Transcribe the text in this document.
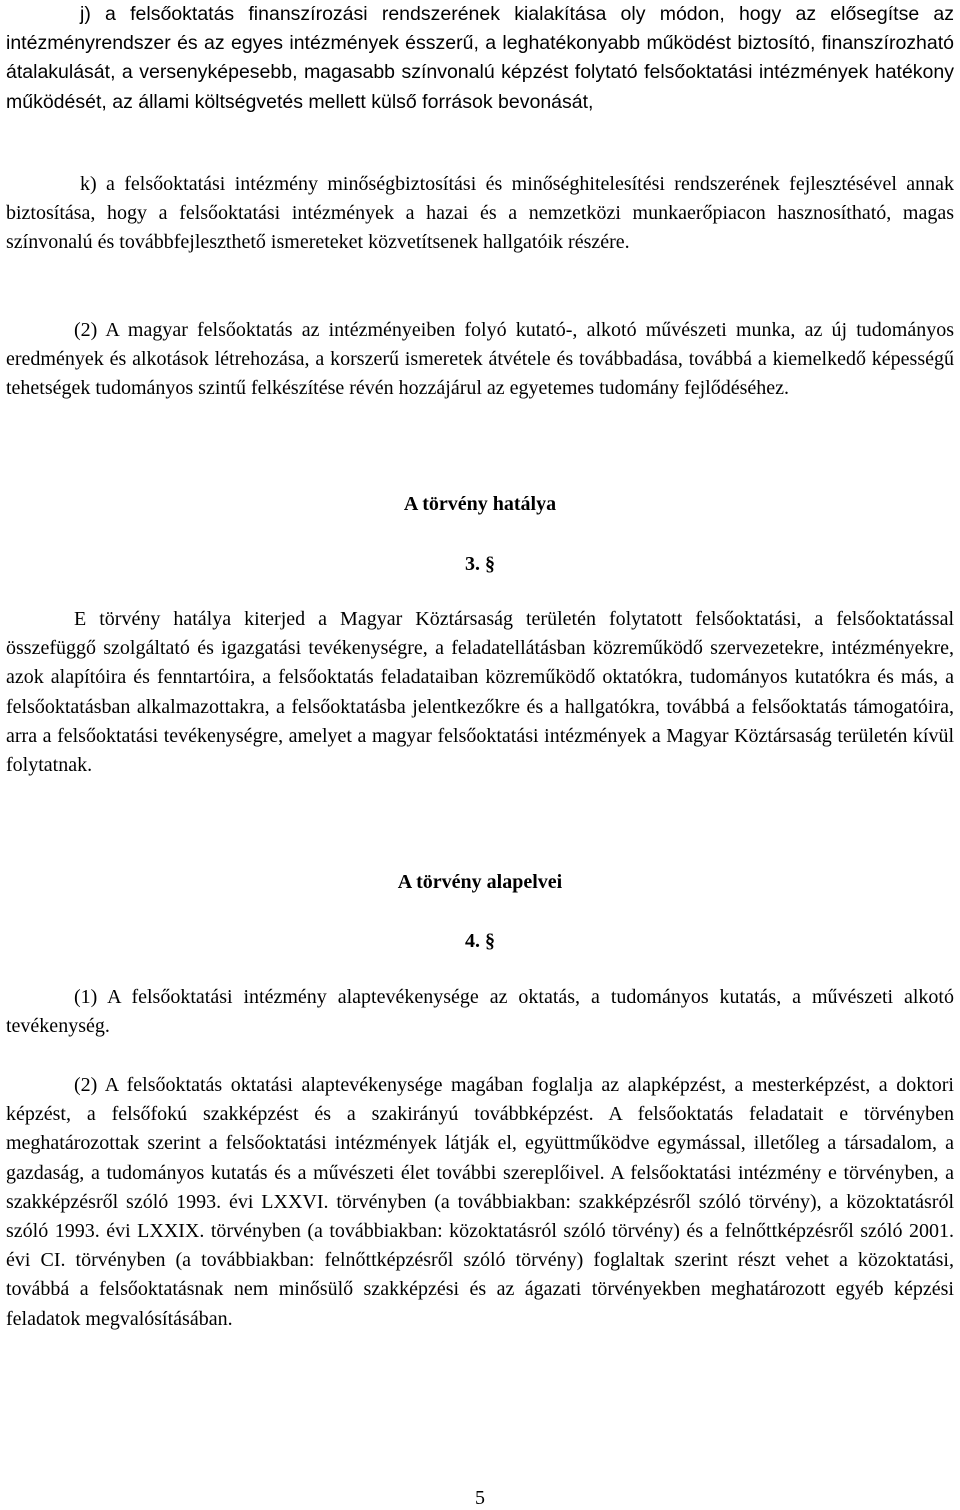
j) a felsőoktatás finanszírozási rendszerének kialakítása oly módon, hogy az elősegítse az intézményrendszer és az egyes intézmények ésszerű, a leghatékonyabb működést biztosító, finanszírozható átalakulását, a versenyképesebb, magasabb színvonalú képzést folytató felsőoktatási intézmények hatékony működését, az állami költségvetés mellett külső források bevonását,

k) a felsőoktatási intézmény minőségbiztosítási és minőséghitelesítési rendszerének fejlesztésével annak biztosítása, hogy a felsőoktatási intézmények a hazai és a nemzetközi munkaerőpiacon hasznosítható, magas színvonalú és továbbfejleszthető ismereteket közvetítsenek hallgatóik részére.

(2) A magyar felsőoktatás az intézményeiben folyó kutató-, alkotó művészeti munka, az új tudományos eredmények és alkotások létrehozása, a korszerű ismeretek átvétele és továbbadása, továbbá a kiemelkedő képességű tehetségek tudományos szintű felkészítése révén hozzájárul az egyetemes tudomány fejlődéséhez.

A törvény hatálya
3. §

E törvény hatálya kiterjed a Magyar Köztársaság területén folytatott felsőoktatási, a felsőoktatással összefüggő szolgáltató és igazgatási tevékenységre, a feladatellátásban közreműködő szervezetekre, intézményekre, azok alapítóira és fenntartóira, a felsőoktatás feladataiban közreműködő oktatókra, tudományos kutatókra és más, a felsőoktatásban alkalmazottakra, a felsőoktatásba jelentkezőkre és a hallgatókra, továbbá a felsőoktatás támogatóira, arra a felsőoktatási tevékenységre, amelyet a magyar felsőoktatási intézmények a Magyar Köztársaság területén kívül folytatnak.

A törvény alapelvei
4. §

(1) A felsőoktatási intézmény alaptevékenysége az oktatás, a tudományos kutatás, a művészeti alkotó tevékenység.

(2) A felsőoktatás oktatási alaptevékenysége magában foglalja az alapképzést, a mesterképzést, a doktori képzést, a felsőfokú szakképzést és a szakirányú továbbképzést. A felsőoktatás feladatait e törvényben meghatározottak szerint a felsőoktatási intézmények látják el, együttműködve egymással, illetőleg a társadalom, a gazdaság, a tudományos kutatás és a művészeti élet további szereplőivel. A felsőoktatási intézmény e törvényben, a szakképzésről szóló 1993. évi LXXVI. törvényben (a továbbiakban: szakképzésről szóló törvény), a közoktatásról szóló 1993. évi LXXIX. törvényben (a továbbiakban: közoktatásról szóló törvény) és a felnőttképzésről szóló 2001. évi CI. törvényben (a továbbiakban: felnőttképzésről szóló törvény) foglaltak szerint részt vehet a közoktatási, továbbá a felsőoktatásnak nem minősülő szakképzési és az ágazati törvényekben meghatározott egyéb képzési feladatok megvalósításában.

5
